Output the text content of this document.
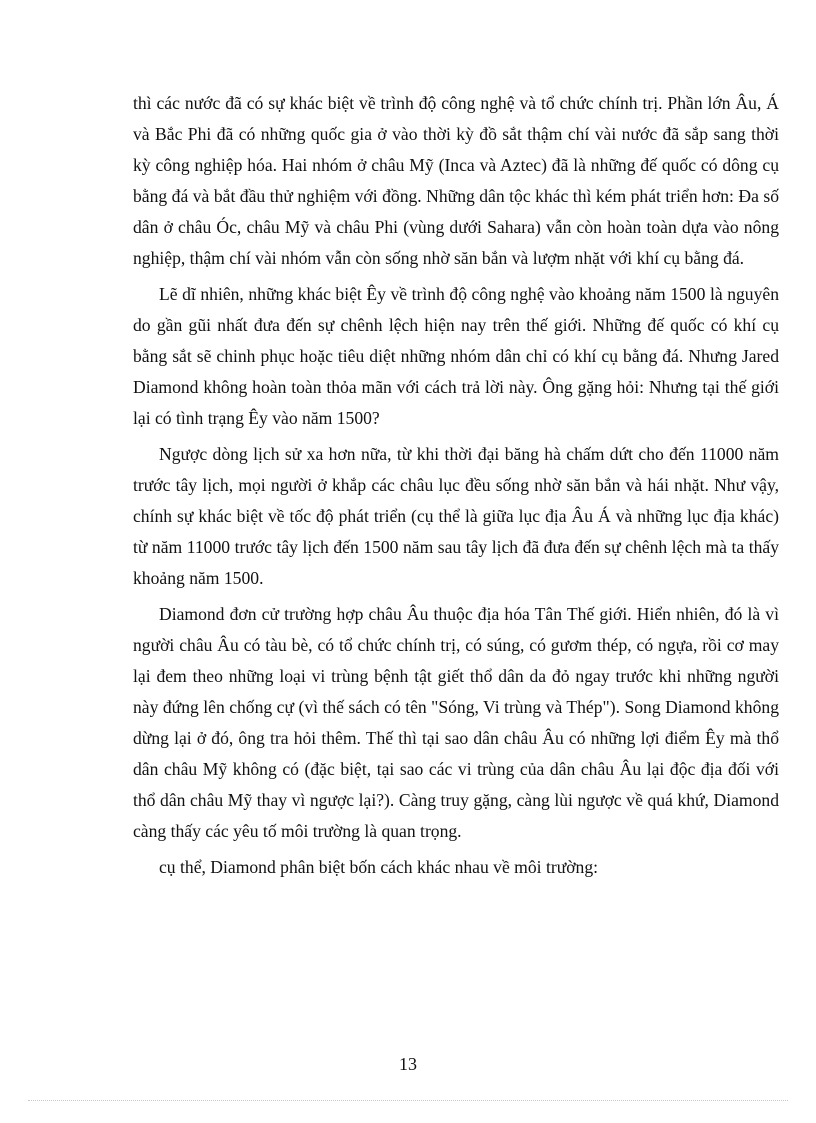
thì các nước đã có sự khác biệt về trình độ công nghệ và tổ chức chính trị. Phần lớn Âu, Á và Bắc Phi đã có những quốc gia ở vào thời kỳ đồ sắt thậm chí vài nước đã sắp sang thời kỳ công nghiệp hóa. Hai nhóm ở châu Mỹ (Inca và Aztec) đã là những đế quốc có dông cụ bằng đá và bắt đầu thử nghiệm với đồng. Những dân tộc khác thì kém phát triển hơn: Đa số dân ở châu Óc, châu Mỹ và châu Phi (vùng dưới Sahara) vẫn còn hoàn toàn dựa vào nông nghiệp, thậm chí vài nhóm vẫn còn sống nhờ săn bắn và lượm nhặt với khí cụ bằng đá.

Lẽ dĩ nhiên, những khác biệt Êy về trình độ công nghệ vào khoảng năm 1500 là nguyên do gần gũi nhất đưa đến sự chênh lệch hiện nay trên thế giới. Những đế quốc có khí cụ bằng sắt sẽ chinh phục hoặc tiêu diệt những nhóm dân chỉ có khí cụ bằng đá. Nhưng Jared Diamond không hoàn toàn thỏa mãn với cách trả lời này. Ông gặng hỏi: Nhưng tại thế giới lại có tình trạng Êy vào năm 1500?

Ngược dòng lịch sử xa hơn nữa, từ khi thời đại băng hà chấm dứt cho đến 11000 năm trước tây lịch, mọi người ở khắp các châu lục đều sống nhờ săn bắn và hái nhặt. Như vậy, chính sự khác biệt về tốc độ phát triển (cụ thể là giữa lục địa Âu Á và những lục địa khác) từ năm 11000 trước tây lịch đến 1500 năm sau tây lịch đã đưa đến sự chênh lệch mà ta thấy khoảng năm 1500.

Diamond đơn cử trường hợp châu Âu thuộc địa hóa Tân Thế giới. Hiển nhiên, đó là vì người châu Âu có tàu bè, có tổ chức chính trị, có súng, có gươm thép, có ngựa, rồi cơ may lại đem theo những loại vi trùng bệnh tật giết thổ dân da đỏ ngay trước khi những người này đứng lên chống cự (vì thế sách có tên "Sóng, Vi trùng và Thép"). Song Diamond không dừng lại ở đó, ông tra hỏi thêm. Thế thì tại sao dân châu Âu có những lợi điểm Êy mà thổ dân châu Mỹ không có (đặc biệt, tại sao các vi trùng của dân châu Âu lại độc địa đối với thổ dân châu Mỹ thay vì ngược lại?). Càng truy gặng, càng lùi ngược về quá khứ, Diamond càng thấy các yêu tố môi trường là quan trọng.

cụ thể, Diamond phân biệt bốn cách khác nhau về môi trường:

13
